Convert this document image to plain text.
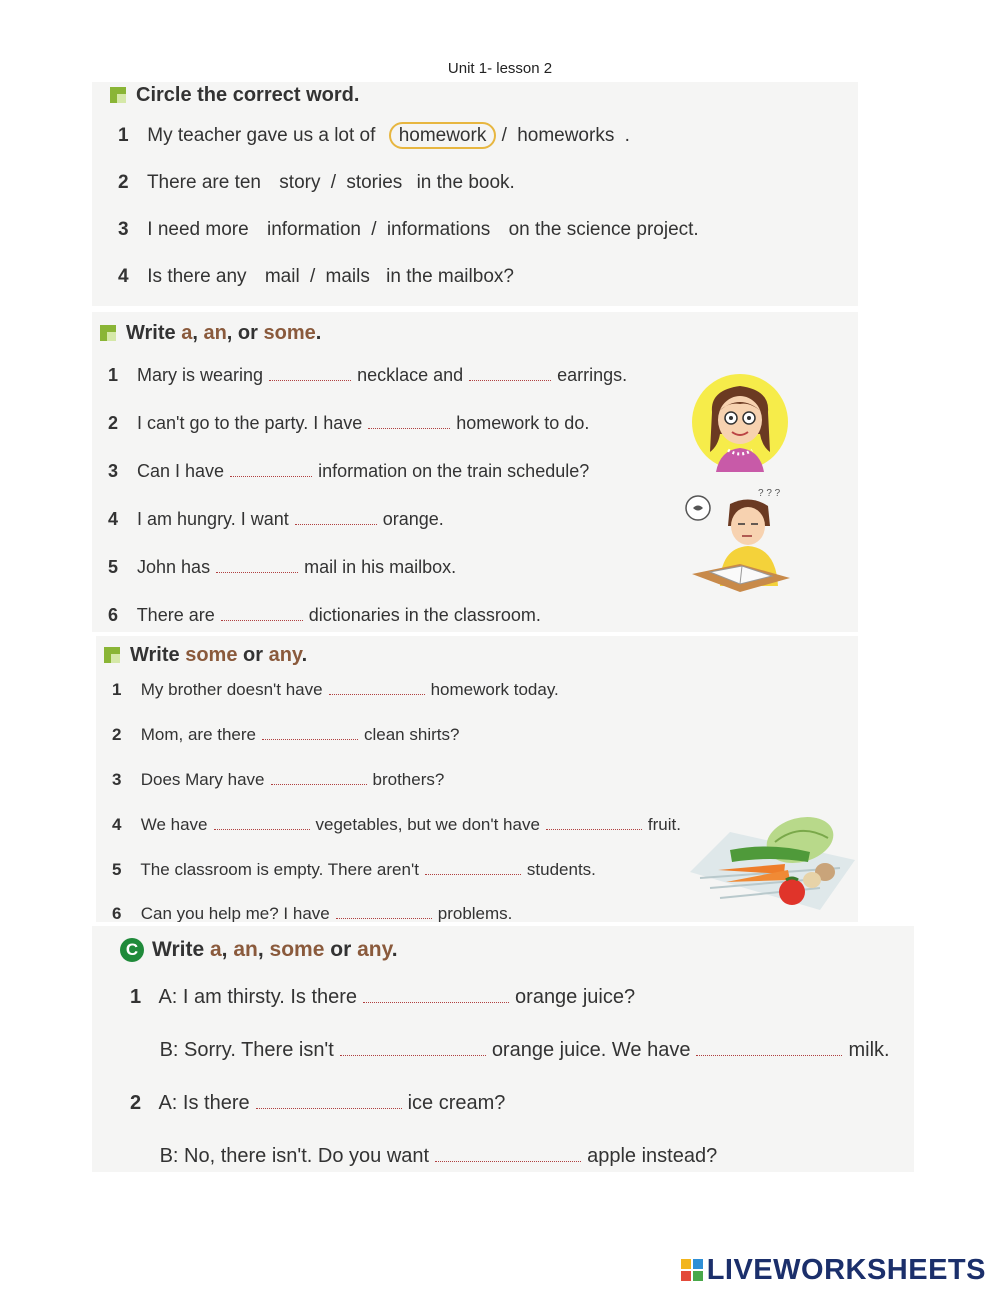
Unit 1- lesson 2
Circle the correct word.
1 My teacher gave us a lot of homework / homeworks .
2 There are ten story / stories in the book.
3 I need more information / informations on the science project.
4 Is there any mail / mails in the mailbox?
Write a, an, or some.
1 Mary is wearing	necklace and	earrings.
2 I can't go to the party. I have	homework to do.
3 Can I have	information on the train schedule?
4 I am hungry. I want	orange.
5 John has	mail in his mailbox.
6 There are	dictionaries in the classroom.
? ? ?
Write some or any.
1 My brother doesn't have	homework today.
2 Mom, are there	clean shirts?
3 Does Mary have	brothers?
4 We have	vegetables, but we don't have	fruit.
5 The classroom is empty. There aren't	students.
6 Can you help me? I have	problems.
C Write a, an, some or any.
1 A: I am thirsty. Is there	orange juice?
B: Sorry. There isn't	orange juice. We have	milk.
2 A: Is there	ice cream?
B: No, there isn't. Do you want	apple instead?
LIVEWORKSHEETS
